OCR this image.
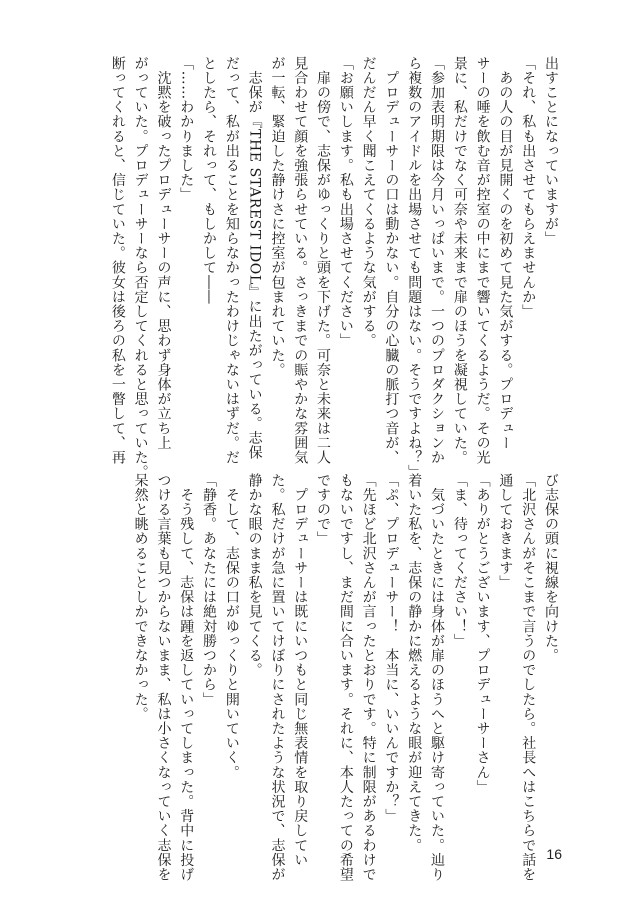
出すことになっていますが」
「それ、私も出させてもらえませんか」
　あの人の目が見開くのを初めて見た気がする。プロデュー
サーの唾を飲む音が控室の中にまで響いてくるようだ。その光
景に、私だけでなく可奈や未来まで扉のほうを凝視していた。
「参加表明期限は今月いっぱいまで。一つのプロダクションか
ら複数のアイドルを出場させても問題はない。そうですよね？」
　プロデューサーの口は動かない。自分の心臓の脈打つ音が、
だんだん早く聞こえてくるような気がする。
「お願いします。私も出場させてください」
　扉の傍で、志保がゆっくりと頭を下げた。可奈と未来は二人
見合わせて顔を強張らせている。さっきまでの賑やかな雰囲気
が一転、緊迫した静けさに控室が包まれていた。
　志保が『THE STAREST IDOL』に出たがっている。志保
だって、私が出ることを知らなかったわけじゃないはずだ。だ
としたら、それって、もしかして――
「……わかりました」
　沈黙を破ったプロデューサーの声に、思わず身体が立ち上
がっていた。プロデューサーなら否定してくれると思っていた。
断ってくれると、信じていた。彼女は後ろの私を一瞥して、再
び志保の頭に視線を向けた。
「北沢さんがそこまで言うのでしたら。社長へはこちらで話を
通しておきます」
「ありがとうございます、プロデューサーさん」
「ま、待ってください！」
　気づいたときには身体が扉のほうへと駆け寄っていた。辿り
着いた私を、志保の静かに燃えるような眼が迎えてきた。
「ぷ、プロデューサー！　本当に、いいんですか？」
「先ほど北沢さんが言ったとおりです。特に制限があるわけで
もないですし、まだ間に合います。それに、本人たっての希望
ですので」
　プロデューサーは既にいつもと同じ無表情を取り戻してい
た。私だけが急に置いてけぼりにされたような状況で、志保が
静かな眼のまま私を見てくる。
　そして、志保の口がゆっくりと開いていく。
「静香。あなたには絶対勝つから」
　そう残して、志保は踵を返していってしまった。背中に投げ
つける言葉も見つからないまま、私は小さくなっていく志保を
呆然と眺めることしかできなかった。
16
